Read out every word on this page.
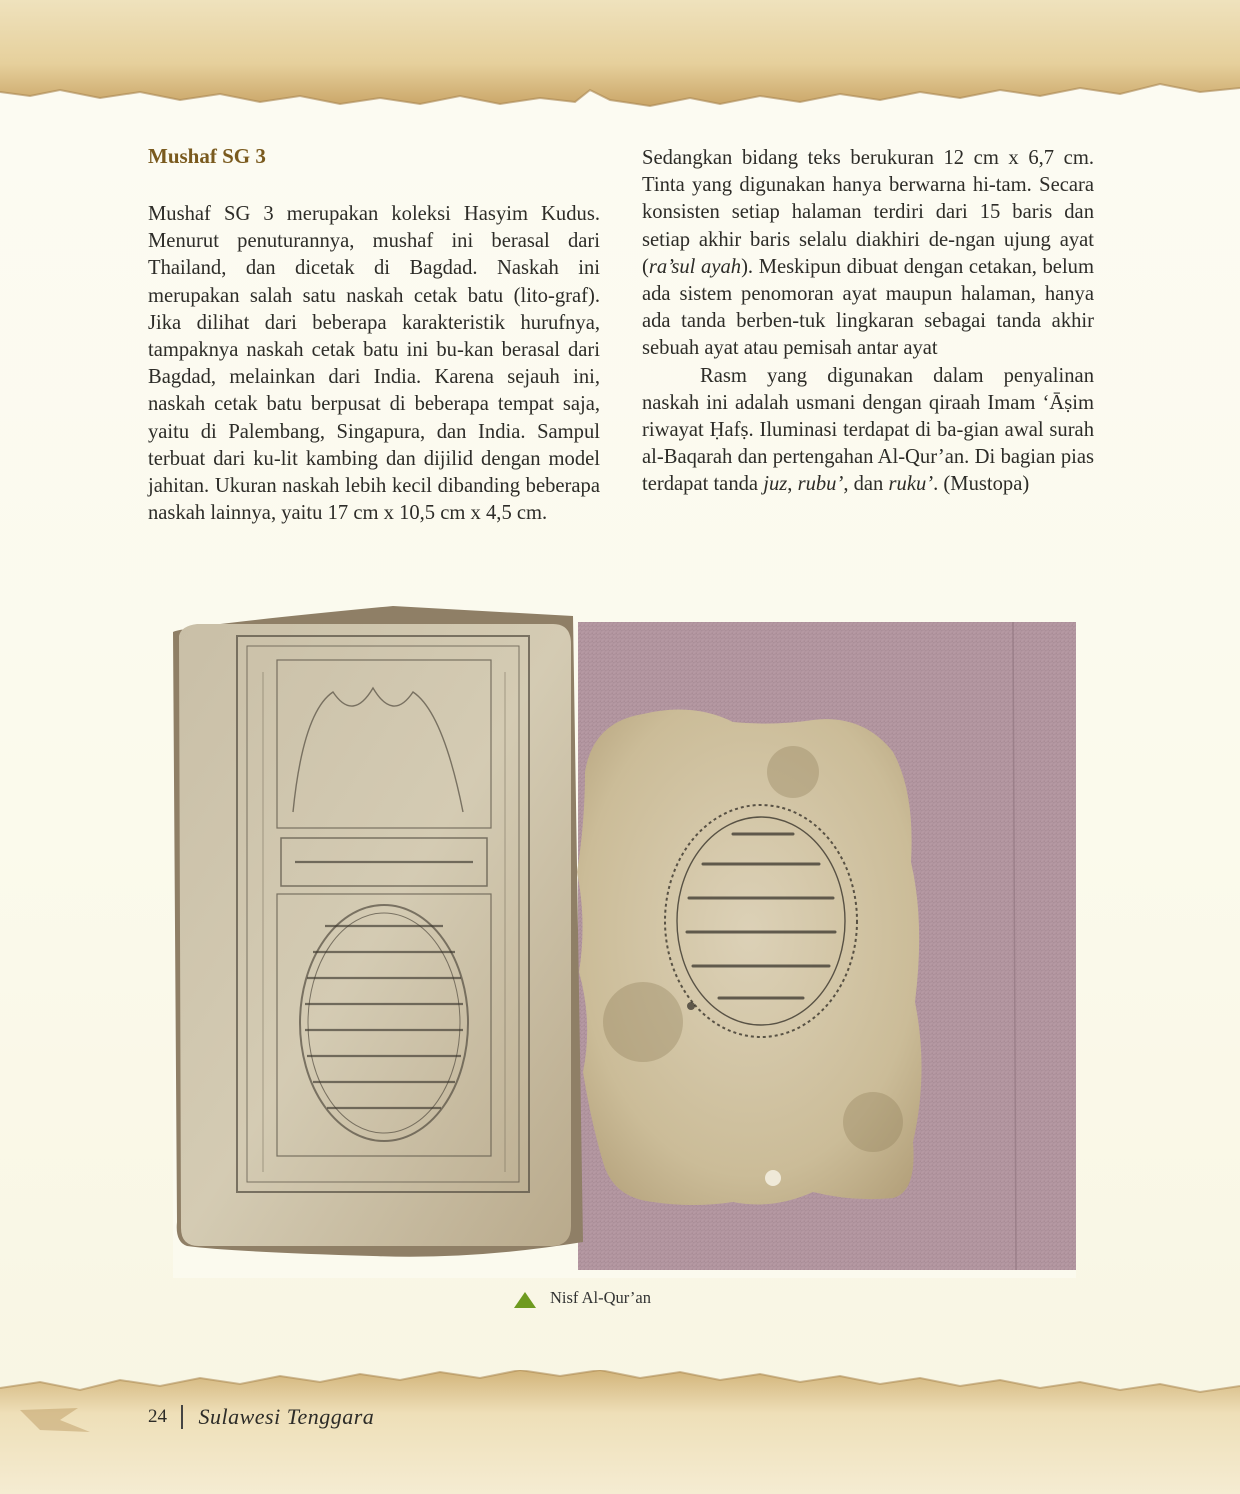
Mushaf SG 3

Mushaf SG 3 merupakan koleksi Hasyim Kudus. Menurut penuturannya, mushaf ini berasal dari Thailand, dan dicetak di Bagdad. Naskah ini merupakan salah satu naskah cetak batu (lito-graf). Jika dilihat dari beberapa karakteristik hurufnya, tampaknya naskah cetak batu ini bu-kan berasal dari Bagdad, melainkan dari India. Karena sejauh ini, naskah cetak batu berpusat di beberapa tempat saja, yaitu di Palembang, Singapura, dan India. Sampul terbuat dari ku-lit kambing dan dijilid dengan model jahitan. Ukuran naskah lebih kecil dibanding beberapa naskah lainnya, yaitu 17 cm x 10,5 cm x 4,5 cm.

Sedangkan bidang teks berukuran 12 cm x 6,7 cm. Tinta yang digunakan hanya berwarna hi-tam. Secara konsisten setiap halaman terdiri dari 15 baris dan setiap akhir baris selalu diakhiri de-ngan ujung ayat (ra’sul ayah). Meskipun dibuat dengan cetakan, belum ada sistem penomoran ayat maupun halaman, hanya ada tanda berben-tuk lingkaran sebagai tanda akhir sebuah ayat atau pemisah antar ayat

Rasm yang digunakan dalam penyalinan naskah ini adalah usmani dengan qiraah Imam ‘Āṣim riwayat Ḥafṣ. Iluminasi terdapat di ba-gian awal surah al-Baqarah dan pertengahan Al-Qur’an. Di bagian pias terdapat tanda juz, rubu’, dan ruku’. (Mustopa)

Nisf Al-Qur’an
24 Sulawesi Tenggara
